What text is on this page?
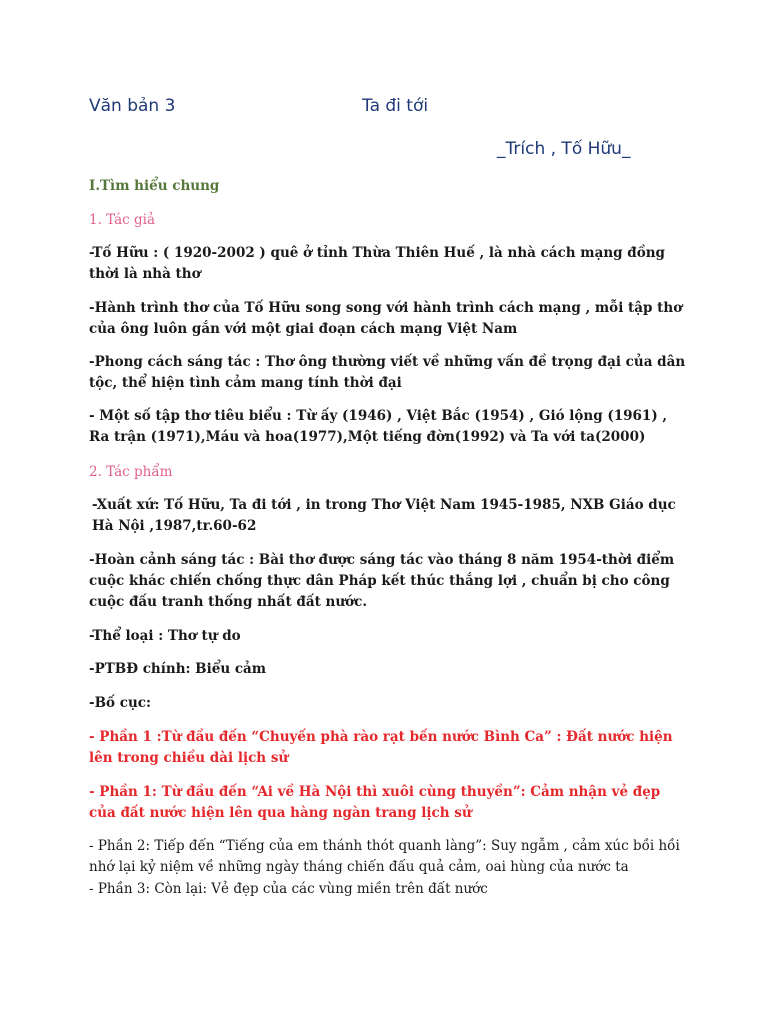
Văn bản 3	Ta đi tới
_Trích , Tố Hữu_

I.Tìm hiểu chung

1. Tác giả

-Tố Hữu : ( 1920-2002 ) quê ở tỉnh Thừa Thiên Huế , là nhà cách mạng đồng thời là nhà thơ

-Hành trình thơ của Tố Hữu song song với hành trình cách mạng , mỗi tập thơ của ông luôn gắn với một giai đoạn cách mạng Việt Nam

-Phong cách sáng tác : Thơ ông thường viết về những vấn đề trọng đại của dân tộc, thể hiện tình cảm mang tính thời đại

- Một số tập thơ tiêu biểu : Từ ấy (1946) , Việt Bắc (1954) , Gió lộng (1961) , Ra trận (1971),Máu và hoa(1977),Một tiếng đờn(1992) và Ta với ta(2000)

2. Tác phẩm

-Xuất xứ: Tố Hữu, Ta đi tới , in trong Thơ Việt Nam 1945-1985, NXB Giáo dục Hà Nội ,1987,tr.60-62

-Hoàn cảnh sáng tác : Bài thơ được sáng tác vào tháng 8 năm 1954-thời điểm cuộc khác chiến chống thực dân Pháp kết thúc thắng lợi , chuẩn bị cho công cuộc đấu tranh thống nhất đất nước.

-Thể loại : Thơ tự do

-PTBĐ chính: Biểu cảm

-Bố cục:

- Phần 1 :Từ đầu đến “Chuyến phà rào rạt bến nước Bình Ca” : Đất nước hiện lên trong chiều dài lịch sử

- Phần 1: Từ đầu đến “Ai về Hà Nội thì xuôi cùng thuyền”: Cảm nhận vẻ đẹp của đất nước hiện lên qua hàng ngàn trang lịch sử

- Phần 2: Tiếp đến “Tiếng của em thánh thót quanh làng”: Suy ngẫm , cảm xúc bồi hồi nhớ lại kỷ niệm về những ngày tháng chiến đấu quả cảm, oai hùng của nước ta

- Phần 3: Còn lại: Vẻ đẹp của các vùng miền trên đất nước
